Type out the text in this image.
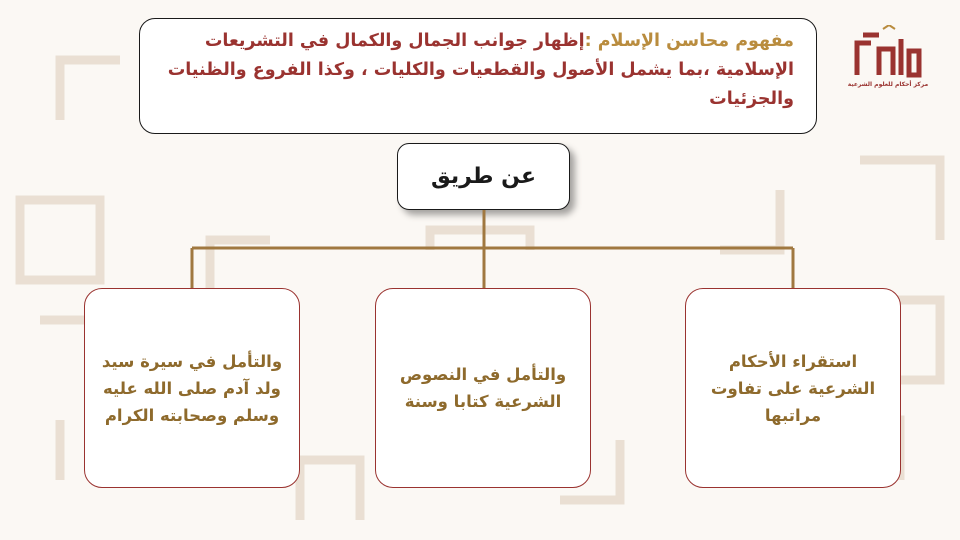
مفهوم محاسن الإسلام :إظهار جوانب الجمال والكمال في التشريعات الإسلامية ،بما يشمل الأصول والقطعيات والكليات ، وكذا الفروع والظنيات والجزئيات
عن طريق
استقراء الأحكام الشرعية على تفاوت مراتبها
والتأمل في النصوص الشرعية كتابا وسنة
والتأمل في سيرة سيد ولد آدم صلى الله عليه وسلم وصحابته الكرام
مركز أحكام للعلوم الشرعية
